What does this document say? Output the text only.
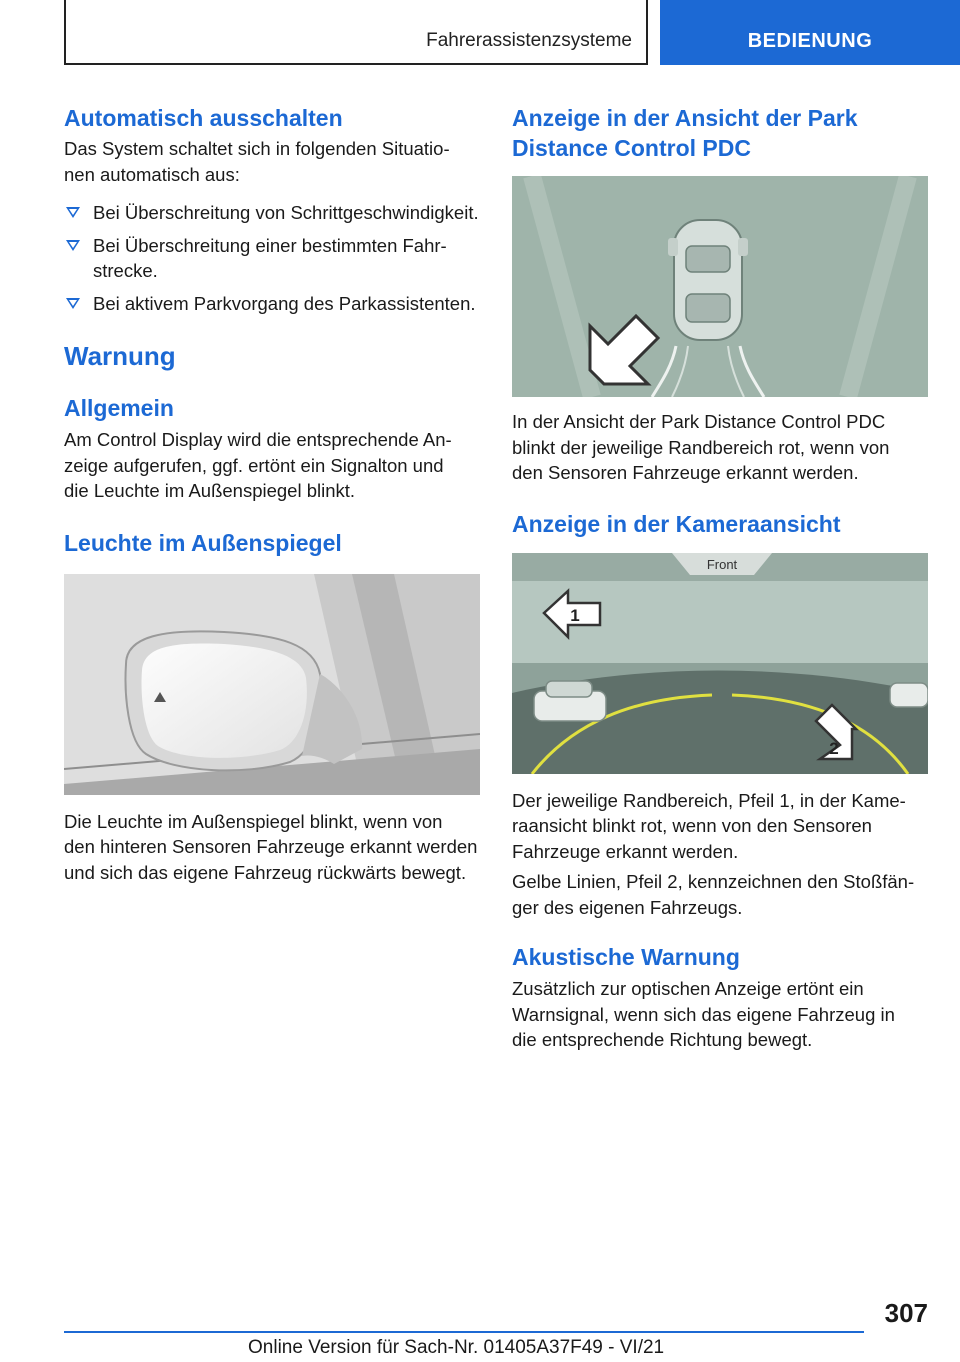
Fahrerassistenzsysteme	BEDIENUNG
Automatisch ausschalten

Das System schaltet sich in folgenden Situationen automatisch aus:

Bei Überschreitung von Schrittgeschwindigkeit.
Bei Überschreitung einer bestimmten Fahrstrecke.
Bei aktivem Parkvorgang des Parkassistenten.
Warnung
Allgemein

Am Control Display wird die entsprechende Anzeige aufgerufen, ggf. ertönt ein Signalton und die Leuchte im Außenspiegel blinkt.

Leuchte im Außenspiegel

Die Leuchte im Außenspiegel blinkt, wenn von den hinteren Sensoren Fahrzeuge erkannt werden und sich das eigene Fahrzeug rückwärts bewegt.

Anzeige in der Ansicht der Park Distance Control PDC

In der Ansicht der Park Distance Control PDC blinkt der jeweilige Randbereich rot, wenn von den Sensoren Fahrzeuge erkannt werden.

Anzeige in der Kameraansicht
Front
1
2

Der jeweilige Randbereich, Pfeil 1, in der Kameraansicht blinkt rot, wenn von den Sensoren Fahrzeuge erkannt werden.

Gelbe Linien, Pfeil 2, kennzeichnen den Stoßfänger des eigenen Fahrzeugs.

Akustische Warnung

Zusätzlich zur optischen Anzeige ertönt ein Warnsignal, wenn sich das eigene Fahrzeug in die entsprechende Richtung bewegt.

307
Online Version für Sach-Nr. 01405A37F49 - VI/21
